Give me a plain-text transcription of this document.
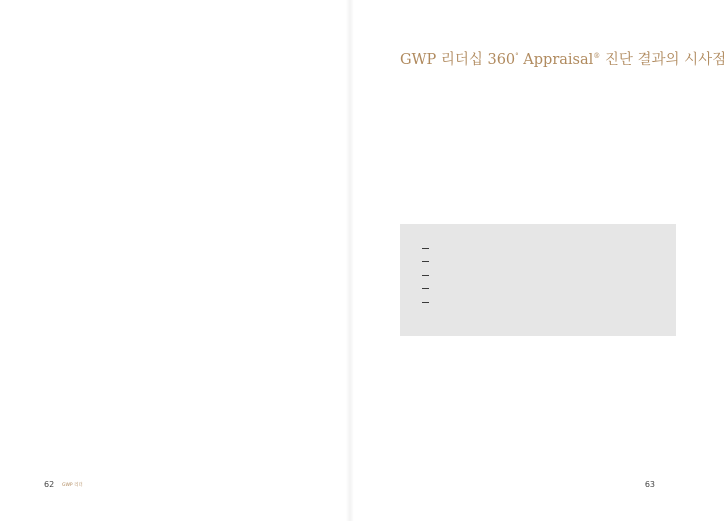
62 GWP 리더
GWP 리더십 360° Appraisal® 진단 결과의 시사점

63
